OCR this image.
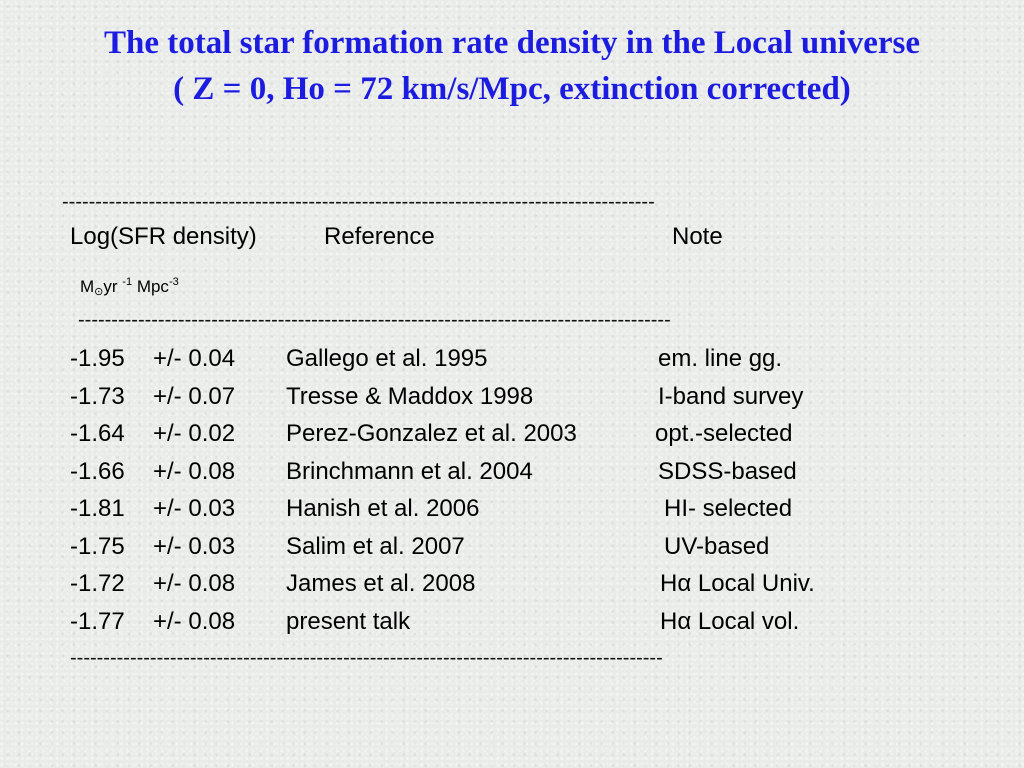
The total star formation rate density in the Local universe
( Z = 0, Ho = 72 km/s/Mpc, extinction corrected)
-----------------------------------------------------------------------------------------
Log(SFR density)	Reference	Note
$M_⊙yr$ $^{-1}$ Mpc$^{-3}$
-----------------------------------------------------------------------------------------
-1.95 +/- 0.04 Gallego et al. 1995	em. line gg.
-1.73 +/- 0.07 Tresse & Maddox 1998	I-band survey
-1.64 +/- 0.02 Perez-Gonzalez et al. 2003	opt.-selected
-1.66 +/- 0.08 Brinchmann et al. 2004	SDSS-based
-1.81 +/- 0.03 Hanish et al. 2006	HI- selected
-1.75 +/- 0.03 Salim et al. 2007	UV-based
-1.72 +/- 0.08 James et al. 2008	Hα Local Univ.
-1.77 +/- 0.08 present talk	Hα Local vol.
-----------------------------------------------------------------------------------------
